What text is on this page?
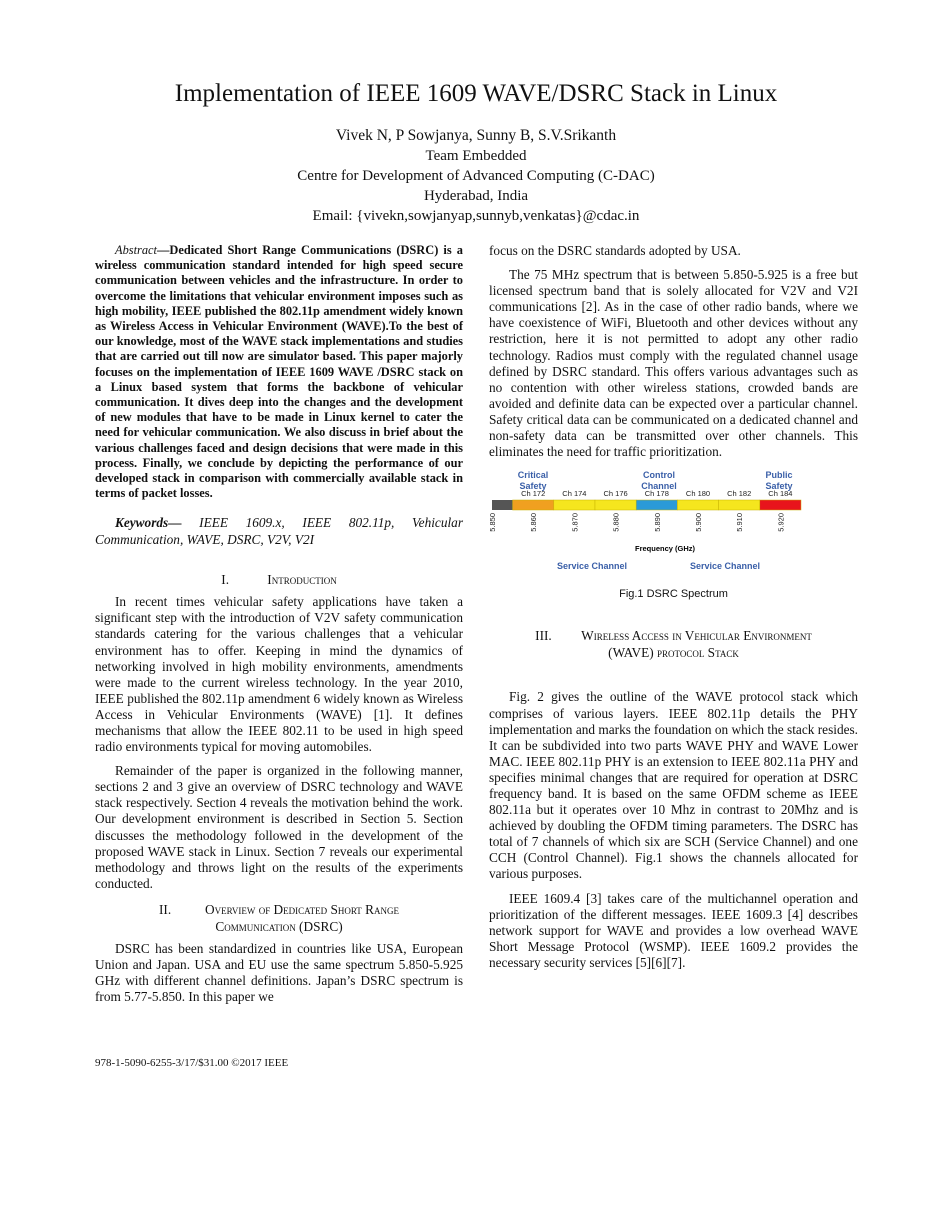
Implementation of IEEE 1609 WAVE/DSRC Stack in Linux
Vivek N, P Sowjanya, Sunny B, S.V.Srikanth
Team Embedded
Centre for Development of Advanced Computing (C-DAC)
Hyderabad, India
Email: {vivekn,sowjanyap,sunnyb,venkatas}@cdac.in

Abstract—Dedicated Short Range Communications (DSRC) is a wireless communication standard intended for high speed secure communication between vehicles and the infrastructure. In order to overcome the limitations that vehicular environment imposes such as high mobility, IEEE published the 802.11p amendment widely known as Wireless Access in Vehicular Environment (WAVE).To the best of our knowledge, most of the WAVE stack implementations and studies that are carried out till now are simulator based. This paper majorly focuses on the implementation of IEEE 1609 WAVE /DSRC stack on a Linux based system that forms the backbone of vehicular communication. It dives deep into the changes and the development of new modules that have to be made in Linux kernel to cater the need for vehicular communication. We also discuss in brief about the various challenges faced and design decisions that were made in this process. Finally, we conclude by depicting the performance of our developed stack in comparison with commercially available stack in terms of packet losses.

Keywords— IEEE 1609.x, IEEE 802.11p, Vehicular Communication, WAVE, DSRC, V2V, V2I

I.	Introduction

In recent times vehicular safety applications have taken a significant step with the introduction of V2V safety communication standards catering for the various challenges that a vehicular environment has to offer. Keeping in mind the dynamics of networking involved in high mobility environments, amendments were made to the current wireless technology. In the year 2010, IEEE published the 802.11p amendment 6 widely known as Wireless Access in Vehicular Environments (WAVE) [1]. It defines mechanisms that allow the IEEE 802.11 to be used in high speed radio environments typical for moving automobiles.

Remainder of the paper is organized in the following manner, sections 2 and 3 give an overview of DSRC technology and WAVE stack respectively. Section 4 reveals the motivation behind the work. Our development environment is described in Section 5. Section discusses the methodology followed in the development of the proposed WAVE stack in Linux. Section 7 reveals our experimental methodology and throws light on the results of the experiments conducted.

II.	Overview of Dedicated Short Range
Communication (DSRC)

DSRC has been standardized in countries like USA, European Union and Japan. USA and EU use the same spectrum 5.850-5.925 GHz with different channel definitions. Japan’s DSRC spectrum is from 5.77-5.850. In this paper we

focus on the DSRC standards adopted by USA.

The 75 MHz spectrum that is between 5.850-5.925 is a free but licensed spectrum band that is solely allocated for V2V and V2I communications [2]. As in the case of other radio bands, where we have coexistence of WiFi, Bluetooth and other devices without any restriction, here it is not permitted to adopt any other radio technology. Radios must comply with the regulated channel usage defined by DSRC standard. This offers various advantages such as no contention with other wireless stations, crowded bands are avoided and definite data can be expected over a particular channel. Safety critical data can be communicated on a dedicated channel and non-safety data can be transmitted over other channels. This eliminates the need for traffic prioritization.

Critical
Safety
Control
Channel
Public
Safety
Ch 172 Ch 174 Ch 176 Ch 178 Ch 180 Ch 182 Ch 184
5.850	5.860	5.870	5.880	5.890	5.900	5.910	5.920
Frequency (GHz)
Service Channel	Service Channel
Fig.1 DSRC Spectrum
III. Wireless Access in Vehicular Environment
(WAVE) protocol Stack

Fig. 2 gives the outline of the WAVE protocol stack which comprises of various layers. IEEE 802.11p details the PHY implementation and marks the foundation on which the stack resides. It can be subdivided into two parts WAVE PHY and WAVE Lower MAC. IEEE 802.11p PHY is an extension to IEEE 802.11a PHY and specifies minimal changes that are required for operation at DSRC frequency band. It is based on the same OFDM scheme as IEEE 802.11a but it operates over 10 Mhz in contrast to 20Mhz and is achieved by doubling the OFDM timing parameters. The DSRC has total of 7 channels of which six are SCH (Service Channel) and one CCH (Control Channel). Fig.1 shows the channels allocated for various purposes.

IEEE 1609.4 [3] takes care of the multichannel operation and prioritization of the different messages. IEEE 1609.3 [4] describes network support for WAVE and provides a low overhead WAVE Short Message Protocol (WSMP). IEEE 1609.2 provides the necessary security services [5][6][7].

978-1-5090-6255-3/17/$31.00 ©2017 IEEE
